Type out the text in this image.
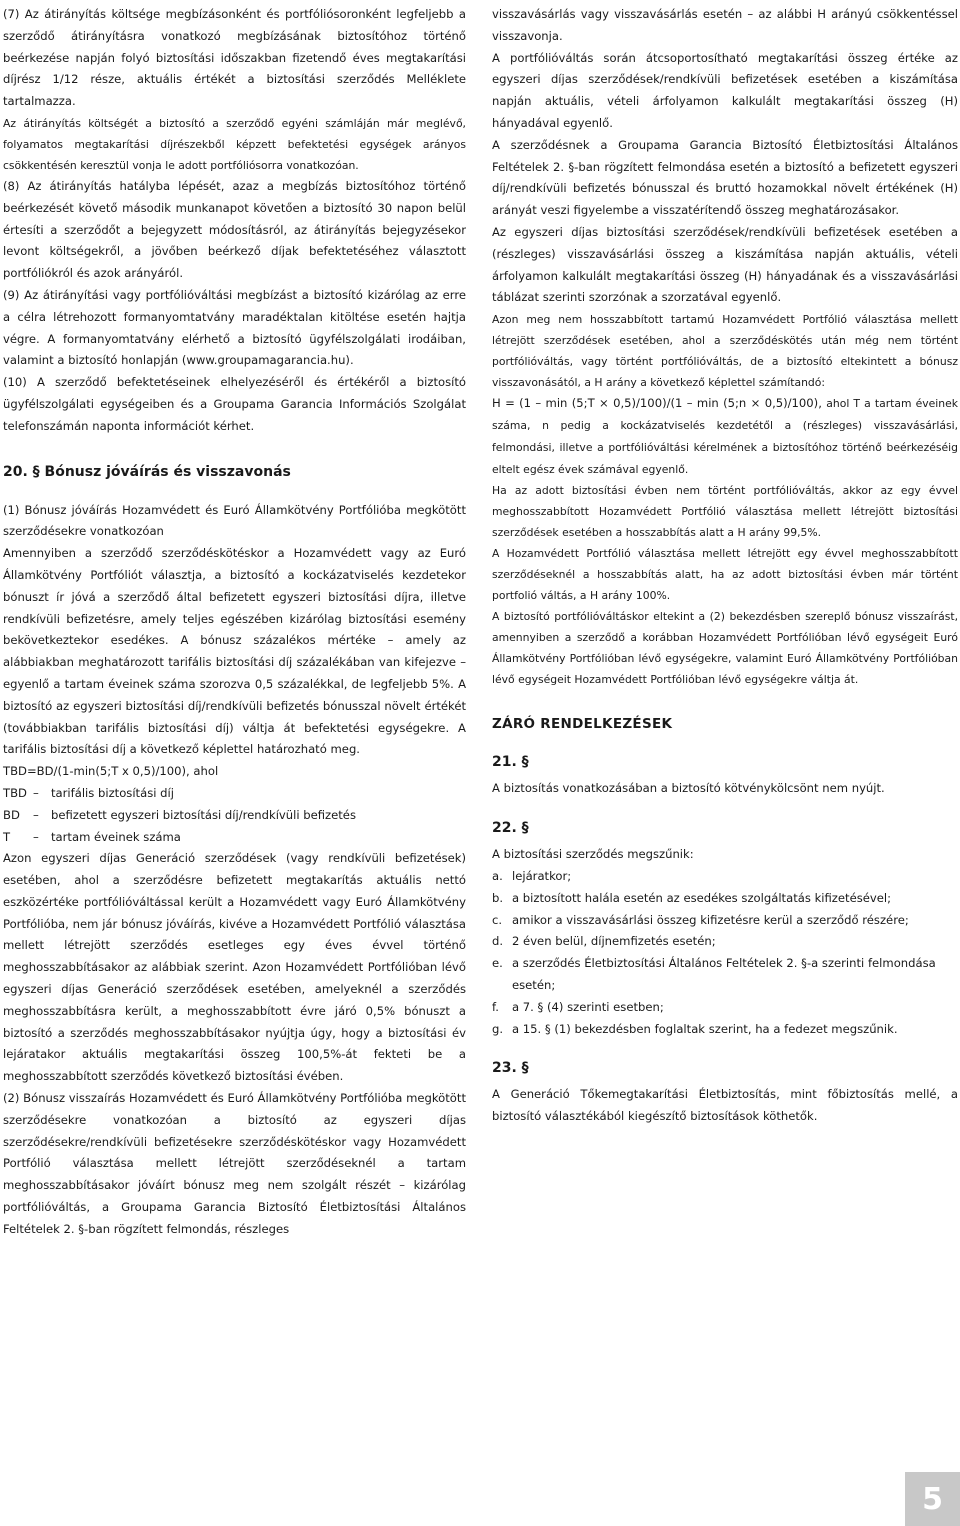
(7) Az átirányítás költsége megbízásonként és portfóliósoronként legfeljebb a szerződő átirányításra vonatkozó megbízásának biztosítóhoz történő beérkezése napján folyó biztosítási időszakban fizetendő éves megtakarítási díjrész 1/12 része, aktuális értékét a biztosítási szerződés Melléklete tartalmazza.

Az átirányítás költségét a biztosító a szerződő egyéni számláján már meglévő, folyamatos megtakarítási díjrészekből képzett befektetési egységek arányos csökkentésén keresztül vonja le adott portfóliósorra vonatkozóan.

(8) Az átirányítás hatályba lépését, azaz a megbízás biztosítóhoz történő beérkezését követő második munkanapot követően a biztosító 30 napon belül értesíti a szerződőt a bejegyzett módosításról, az átirányítás bejegyzésekor levont költségekről, a jövőben beérkező díjak befektetéséhez választott portfóliókról és azok arányáról.

(9) Az átirányítási vagy portfólióváltási megbízást a biztosító kizárólag az erre a célra létrehozott formanyomtatvány maradéktalan kitöltése esetén hajtja végre. A formanyomtatvány elérhető a biztosító ügyfélszolgálati irodáiban, valamint a biztosító honlapján (www.groupamagarancia.hu).

(10) A szerződő befektetéseinek elhelyezéséről és értékéről a biztosító ügyfélszolgálati egységeiben és a Groupama Garancia Információs Szolgálat telefonszámán naponta információt kérhet.

20. § Bónusz jóváírás és visszavonás

(1) Bónusz jóváírás Hozamvédett és Euró Államkötvény Portfólióba megkötött szerződésekre vonatkozóan

Amennyiben a szerződő szerződéskötéskor a Hozamvédett vagy az Euró Államkötvény Portfóliót választja, a biztosító a kockázatviselés kezdetekor bónuszt ír jóvá a szerződő által befizetett egyszeri biztosítási díjra, illetve rendkívüli befizetésre, amely teljes egészében kizárólag biztosítási esemény bekövetkeztekor esedékes. A bónusz százalékos mértéke – amely az alábbiakban meghatározott tarifális biztosítási díj százalékában van kifejezve – egyenlő a tartam éveinek száma szorozva 0,5 százalékkal, de legfeljebb 5%. A biztosító az egyszeri biztosítási díj/rendkívüli befizetés bónusszal növelt értékét (továbbiakban tarifális biztosítási díj) váltja át befektetési egységekre. A tarifális biztosítási díj a következő képlettel határozható meg.

TBD=BD/(1-min(5;T x 0,5)/100), ahol

TBD –	tarifális biztosítási díj
BD	–	befizetett egyszeri biztosítási díj/rendkívüli befizetés
T	–	tartam éveinek száma

Azon egyszeri díjas Generáció szerződések (vagy rendkívüli befizetések) esetében, ahol a szerződésre befizetett megtakarítás aktuális nettó eszközértéke portfólióváltással került a Hozamvédett vagy Euró Államkötvény Portfólióba, nem jár bónusz jóváírás, kivéve a Hozamvédett Portfólió választása mellett létrejött szerződés esetleges egy éves évvel történő meghosszabbításakor az alábbiak szerint. Azon Hozamvédett Portfólióban lévő egyszeri díjas Generáció szerződések esetében, amelyeknél a szerződés meghosszabbításra került, a meghosszabbított évre járó 0,5% bónuszt a biztosító a szerződés meghosszabbításakor nyújtja úgy, hogy a biztosítási év lejáratakor aktuális megtakarítási összeg 100,5%-át fekteti be a meghosszabbított szerződés következő biztosítási évében.

(2) Bónusz visszaírás Hozamvédett és Euró Államkötvény Portfólióba megkötött szerződésekre vonatkozóan a biztosító az egyszeri díjas szerződésekre/rendkívüli befizetésekre szerződéskötéskor vagy Hozamvédett Portfólió választása mellett létrejött szerződéseknél a tartam meghosszabbításakor jóváírt bónusz meg nem szolgált részét – kizárólag portfólióváltás, a Groupama Garancia Biztosító Életbiztosítási Általános Feltételek 2. §-ban rögzített felmondás, részleges

visszavásárlás vagy visszavásárlás esetén – az alábbi H arányú csökkentéssel visszavonja.

A portfólióváltás során átcsoportosítható megtakarítási összeg értéke az egyszeri díjas szerződések/rendkívüli befizetések esetében a kiszámítása napján aktuális, vételi árfolyamon kalkulált megtakarítási összeg (H) hányadával egyenlő.

A szerződésnek a Groupama Garancia Biztosító Életbiztosítási Általános Feltételek 2. §-ban rögzített felmondása esetén a biztosító a befizetett egyszeri díj/rendkívüli befizetés bónusszal és bruttó hozamokkal növelt értékének (H) arányát veszi figyelembe a visszatérítendő összeg meghatározásakor.

Az egyszeri díjas biztosítási szerződések/rendkívüli befizetések esetében a (részleges) visszavásárlási összeg a kiszámítása napján aktuális, vételi árfolyamon kalkulált megtakarítási összeg (H) hányadának és a visszavásárlási táblázat szerinti szorzónak a szorzatával egyenlő.

Azon meg nem hosszabbított tartamú Hozamvédett Portfólió választása mellett létrejött szerződések esetében, ahol a szerződéskötés után még nem történt portfólióváltás, vagy történt portfólióváltás, de a biztosító eltekintett a bónusz visszavonásától, a H arány a következő képlettel számítandó:

H = (1 – min (5;T × 0,5)/100)/(1 – min (5;n × 0,5)/100), ahol T a tartam éveinek száma, n pedig a kockázatviselés kezdetétől a (részleges) visszavásárlási, felmondási, illetve a portfólióváltási kérelmének a biztosítóhoz történő beérkezéséig eltelt egész évek számával egyenlő.

Ha az adott biztosítási évben nem történt portfólióváltás, akkor az egy évvel meghosszabbított Hozamvédett Portfólió választása mellett létrejött biztosítási szerződések esetében a hosszabbítás alatt a H arány 99,5%.

A Hozamvédett Portfólió választása mellett létrejött egy évvel meghosszabbított szerződéseknél a hosszabbítás alatt, ha az adott biztosítási évben már történt portfolió váltás, a H arány 100%.

A biztosító portfólióváltáskor eltekint a (2) bekezdésben szereplő bónusz visszaírást, amennyiben a szerződő a korábban Hozamvédett Portfólióban lévő egységeit Euró Államkötvény Portfólióban lévő egységekre, valamint Euró Államkötvény Portfólióban lévő egységeit Hozamvédett Portfólióban lévő egységekre váltja át.

ZÁRÓ RENDELKEZÉSEK
21. §

A biztosítás vonatkozásában a biztosító kötvénykölcsönt nem nyújt.

22. §

A biztosítási szerződés megszűnik:

a. lejáratkor;
b. a biztosított halála esetén az esedékes szolgáltatás kifizetésével;
c. amikor a visszavásárlási összeg kifizetésre kerül a szerződő részére;
d. 2 éven belül, díjnemfizetés esetén;
e. a szerződés Életbiztosítási Általános Feltételek 2. §-a szerinti felmondása esetén;
f.	a 7. § (4) szerinti esetben;
g. a 15. § (1) bekezdésben foglaltak szerint, ha a fedezet megszűnik.
23. §

A Generáció Tőkemegtakarítási Életbiztosítás, mint főbiztosítás mellé, a biztosító választékából kiegészítő biztosítások köthetők.

5
